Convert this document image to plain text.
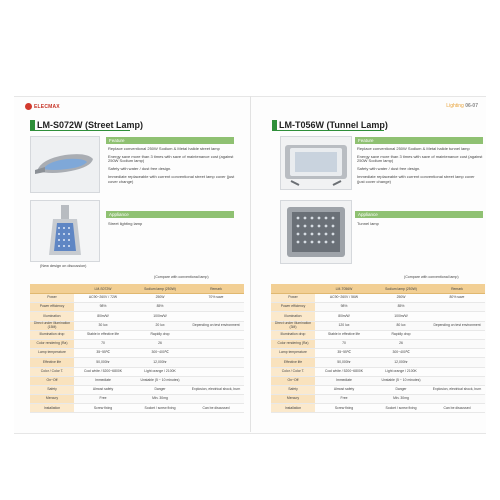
ELECMAX	Lighting 06-07
LM-S072W (Street Lamp)
(New design on discussion)
Feature

Replace conventional 250W Sodium & Metal halide street lamp

Energy save more than 3 times with save of maintenance cost (against 250W Sodium lamp)

Safety with water / dust free design.

Immediate replaceable with current conventional street lamp cover (just cover change)

Appliance
Street lighting lamp
(Compare with conventional lamp)
	LM-S072W	Sodium lamp (250W)	Remark
Power	AC90~260V / 72W	250W	70% save
Power efficiency	98%	85%	
Illumination	80lm/W	100lm/W	
Direct under illumination (15M)	30 lux	20 lux	Depending on test environment
Illumination drop	Stable in effective life	Rapidly drop	
Color rendering (Ra)	70	26	
Lamp temperature	35~55℃	300~400℃	
Effective life	50,000hr	12,000hr	
Color / Color T.	Cool white / 5200~6800K	Light orange / 2100K	
On~Off	Immediate	Unstable (5 ~ 10 minutes)	
Safety	Almost safety	Danger	Explosion, electrical shock, burn
Mercury	Free	Min. 30mg	
Installation	Screw fixing	Socket / screw fixing	Can be discussed
LM-T056W (Tunnel Lamp)
Feature

Replace conventional 250W Sodium & Metal halide tunnel lamp

Energy save more than 3 times with save of maintenance cost (against 250W Sodium lamp)

Safety with water / dust free design.

Immediate replaceable with current conventional street lamp cover (just cover change)

Appliance
Tunnel lamp
(Compare with conventional lamp)
	LM-T056W	Sodium lamp (250W)	Remark
Power	AC90~260V / 56W	250W	80% save
Power efficiency	98%	85%	
Illumination	80lm/W	100lm/W	
Direct under illumination (3M)	120 lux	80 lux	Depending on test environment
Illumination drop	Stable in effective life	Rapidly drop	
Color rendering (Ra)	70	26	
Lamp temperature	35~55℃	300~400℃	
Effective life	50,000hr	12,000hr	
Color / Color T.	Cool white / 5200~6800K	Light orange / 2100K	
On~Off	Immediate	Unstable (5 ~ 10 minutes)	
Safety	Almost safety	Danger	Explosion, electrical shock, burn
Mercury	Free	Min. 30mg	
Installation	Screw fixing	Socket / screw fixing	Can be discussed
